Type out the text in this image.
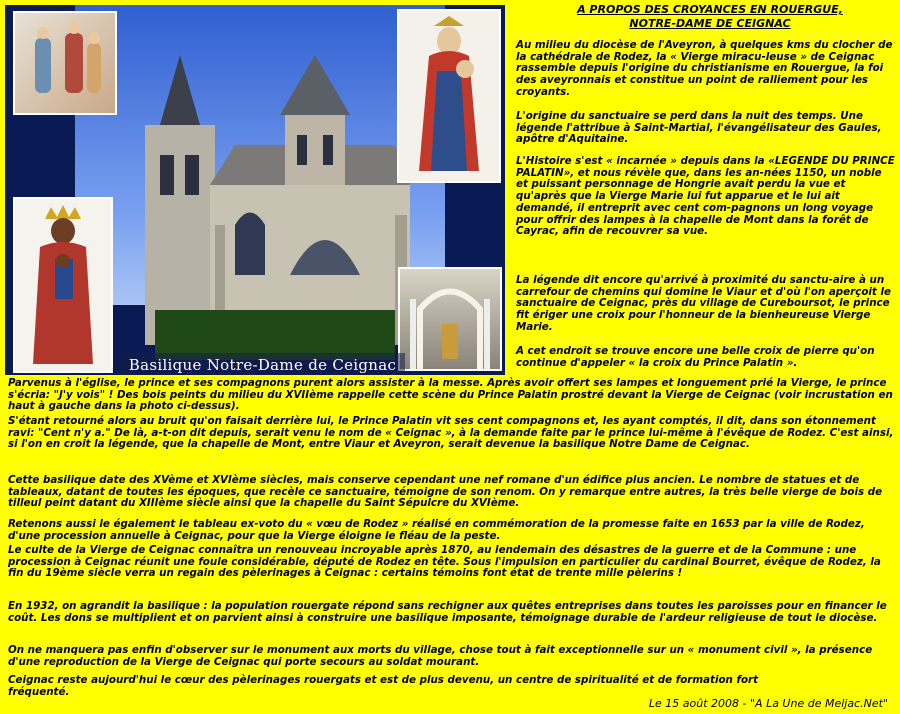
Basilique Notre-Dame de Ceignac
A PROPOS DES CROYANCES EN ROUERGUE,
NOTRE-DAME DE CEIGNAC

Au milieu du diocèse de l'Aveyron, à quelques kms du clocher de la cathédrale de Rodez, la « Vierge miracu-leuse » de Ceignac rassemble depuis l'origine du christianisme en Rouergue, la foi des aveyronnais et constitue un point de ralliement pour les croyants.

L'origine du sanctuaire se perd dans la nuit des temps. Une légende l'attribue à Saint-Martial, l'évangélisateur des Gaules, apôtre d'Aquitaine.

L'Histoire s'est « incarnée » depuis dans la «LEGENDE DU PRINCE PALATIN», et nous révèle que, dans les an-nées 1150, un noble et puissant personnage de Hongrie avait perdu la vue et qu'après que la Vierge Marie lui fut apparue et le lui ait demandé, il entreprit avec cent com-pagnons un long voyage pour offrir des lampes à la chapelle de Mont dans la forêt de Cayrac, afin de recouvrer sa vue.

La légende dit encore qu'arrivé à proximité du sanctu-aire à un carrefour de chemins qui domine le Viaur et d'où l'on aperçoit le sanctuaire de Ceignac, près du village de Cureboursot, le prince fit ériger une croix pour l'honneur de la bienheureuse Vierge Marie.

A cet endroit se trouve encore une belle croix de pierre qu'on continue d'appeler « la croix du Prince Palatin ».

Parvenus à l'église, le prince et ses compagnons purent alors assister à la messe. Après avoir offert ses lampes et longuement prié la Vierge, le prince s'écria: "J'y vois" ! Des bois peints du milieu du XVIIème rappelle cette scène du Prince Palatin prostré devant la Vierge de Ceignac (voir incrustation en haut à gauche dans la photo ci-dessus).

S'étant retourné alors au bruit qu'on faisait derrière lui, le Prince Palatin vit ses cent compagnons et, les ayant comptés, il dit, dans son étonnement ravi: "Cent n'y a." De là, a-t-on dit depuis, serait venu le nom de « Ceignac », à la demande faite par le prince lui-même à l'évêque de Rodez. C'est ainsi, si l'on en croit la légende, que la chapelle de Mont, entre Viaur et Aveyron, serait devenue la basilique Notre Dame de Ceignac.

Cette basilique date des XVème et XVIème siècles, mais conserve cependant une nef romane d'un édifice plus ancien. Le nombre de statues et de tableaux, datant de toutes les époques, que recèle ce sanctuaire, témoigne de son renom. On y remarque entre autres, la très belle vierge de bois de tilleul peint datant du XIIIème siècle ainsi que la chapelle du Saint Sépulcre du XVIème.

Retenons aussi le également le tableau ex-voto du « vœu de Rodez » réalisé en commémoration de la promesse faite en 1653 par la ville de Rodez, d'une procession annuelle à Ceignac, pour que la Vierge éloigne le fléau de la peste.

Le culte de la Vierge de Ceignac connaîtra un renouveau incroyable après 1870, au lendemain des désastres de la guerre et de la Commune : une procession à Ceignac réunit une foule considérable, député de Rodez en tête. Sous l'impulsion en particulier du cardinal Bourret, évêque de Rodez, la fin du 19ème siècle verra un regain des pèlerinages à Ceignac : certains témoins font état de trente mille pèlerins !

En 1932, on agrandit la basilique : la population rouergate répond sans rechigner aux quêtes entreprises dans toutes les paroisses pour en financer le coût. Les dons se multiplient et on parvient ainsi à construire une basilique imposante, témoignage durable de l'ardeur religieuse de tout le diocèse.

On ne manquera pas enfin d'observer sur le monument aux morts du village, chose tout à fait exceptionnelle sur un « monument civil », la présence d'une reproduction de la Vierge de Ceignac qui porte secours au soldat mourant.

Ceignac reste aujourd'hui le cœur des pèlerinages rouergats et est de plus devenu, un centre de spiritualité et de formation fort fréquenté.

Le 15 août 2008 - "A La Une de Meljac.Net"
